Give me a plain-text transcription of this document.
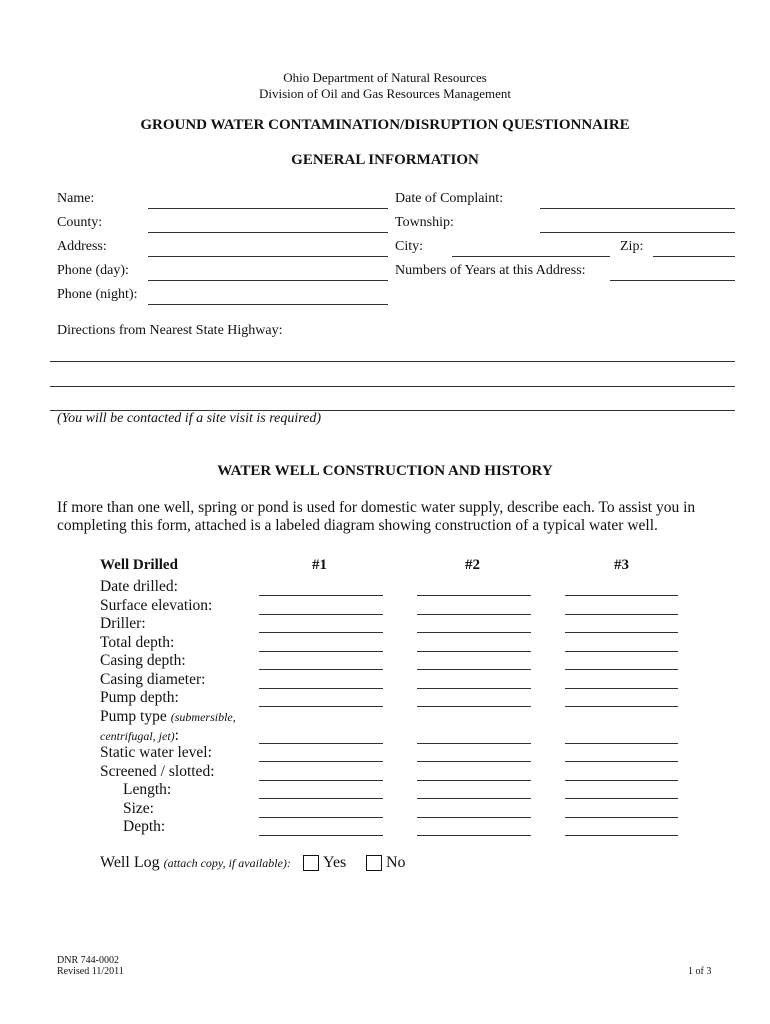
Ohio Department of Natural Resources
Division of Oil and Gas Resources Management
GROUND WATER CONTAMINATION/DISRUPTION QUESTIONNAIRE
GENERAL INFORMATION
Name:
County:
Address:
Phone (day):
Phone (night):
Date of Complaint:
Township:
City:	Zip:
Numbers of Years at this Address:
Directions from Nearest State Highway:
(You will be contacted if a site visit is required)
WATER WELL CONSTRUCTION AND HISTORY
If more than one well, spring or pond is used for domestic water supply, describe each. To assist you in
completing this form, attached is a labeled diagram showing construction of a typical water well.
Well Drilled	#1	#2	#3
Date drilled:
Surface elevation:
Driller:
Total depth:
Casing depth:
Casing diameter:
Pump depth:
Pump type (submersible,
centrifugal, jet):
Static water level:
Screened / slotted:
Length:
Size:
Depth:
Well Log (attach copy, if available): Yes No
DNR 744-0002
Revised 11/2011	1 of 3
